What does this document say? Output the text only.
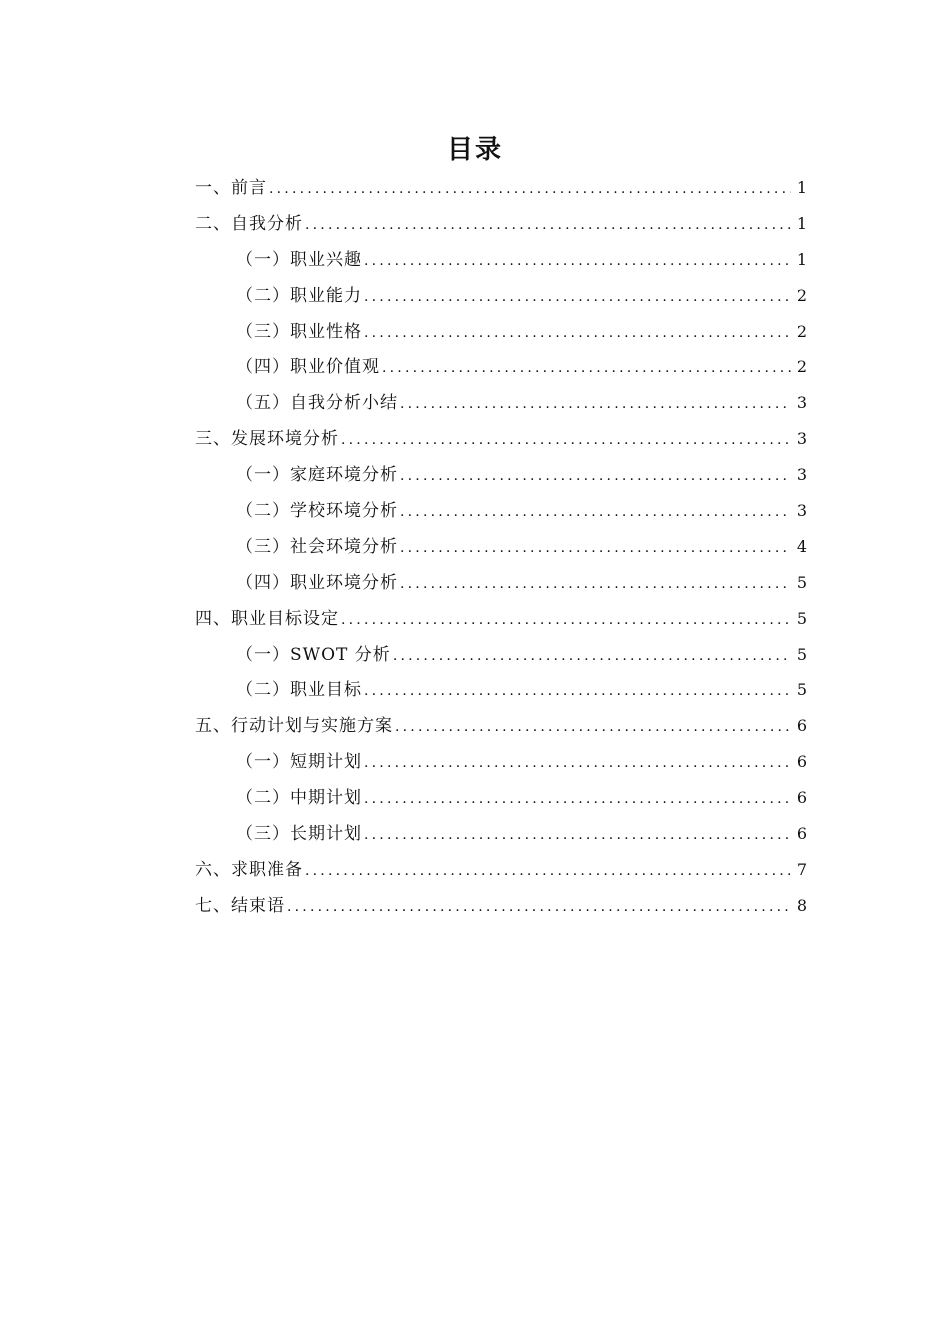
目录
一、前言 .....	1
二、自我分析 .....	1
（一）职业兴趣 .....	1
（二）职业能力 .....	2
（三）职业性格 .....	2
（四）职业价值观 .....	2
（五）自我分析小结 .....	3
三、发展环境分析 .....	3
（一）家庭环境分析 .....	3
（二）学校环境分析 .....	3
（三）社会环境分析 .....	4
（四）职业环境分析 .....	5
四、职业目标设定 .....	5
（一）SWOT 分析 .....	5
（二）职业目标 .....	5
五、行动计划与实施方案 .....	6
（一）短期计划 .....	6
（二）中期计划 .....	6
（三）长期计划 .....	6
六、求职准备 .....	7
七、结束语 .....	8
